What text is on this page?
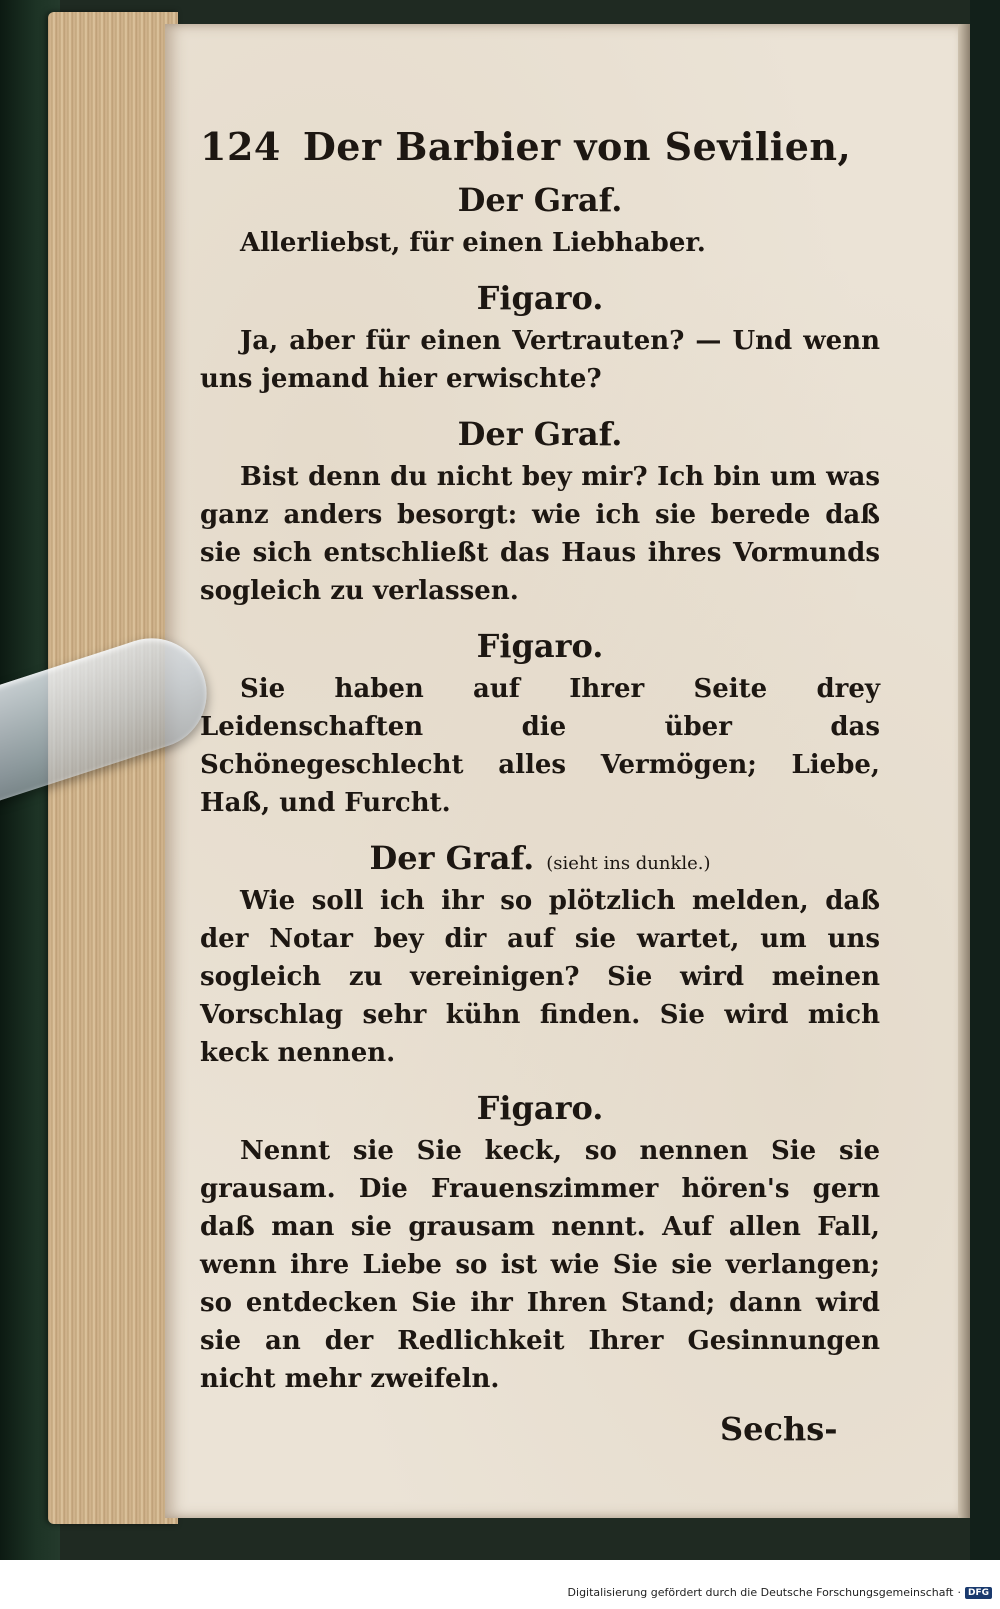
124 Der Barbier von Sevilien,
Der Graf.

Allerliebst, für einen Liebhaber.

Figaro.

Ja, aber für einen Vertrauten? — Und wenn uns jemand hier erwischte?

Der Graf.

Bist denn du nicht bey mir? Ich bin um was ganz anders besorgt: wie ich sie berede daß sie sich entschließt das Haus ihres Vormunds sogleich zu verlassen.

Figaro.

Sie haben auf Ihrer Seite drey Leidenschaften die über das Schönegeschlecht alles Vermögen; Liebe, Haß, und Furcht.

Der Graf. (sieht ins dunkle.)

Wie soll ich ihr so plötzlich melden, daß der Notar bey dir auf sie wartet, um uns sogleich zu vereinigen? Sie wird meinen Vorschlag sehr kühn finden. Sie wird mich keck nennen.

Figaro.

Nennt sie Sie keck, so nennen Sie sie grausam. Die Frauenszimmer hören's gern daß man sie grausam nennt. Auf allen Fall, wenn ihre Liebe so ist wie Sie sie verlangen; so entdecken Sie ihr Ihren Stand; dann wird sie an der Redlichkeit Ihrer Gesinnungen nicht mehr zweifeln.

Sechs-
Digitalisierung gefördert durch die Deutsche Forschungsgemeinschaft · DFG
